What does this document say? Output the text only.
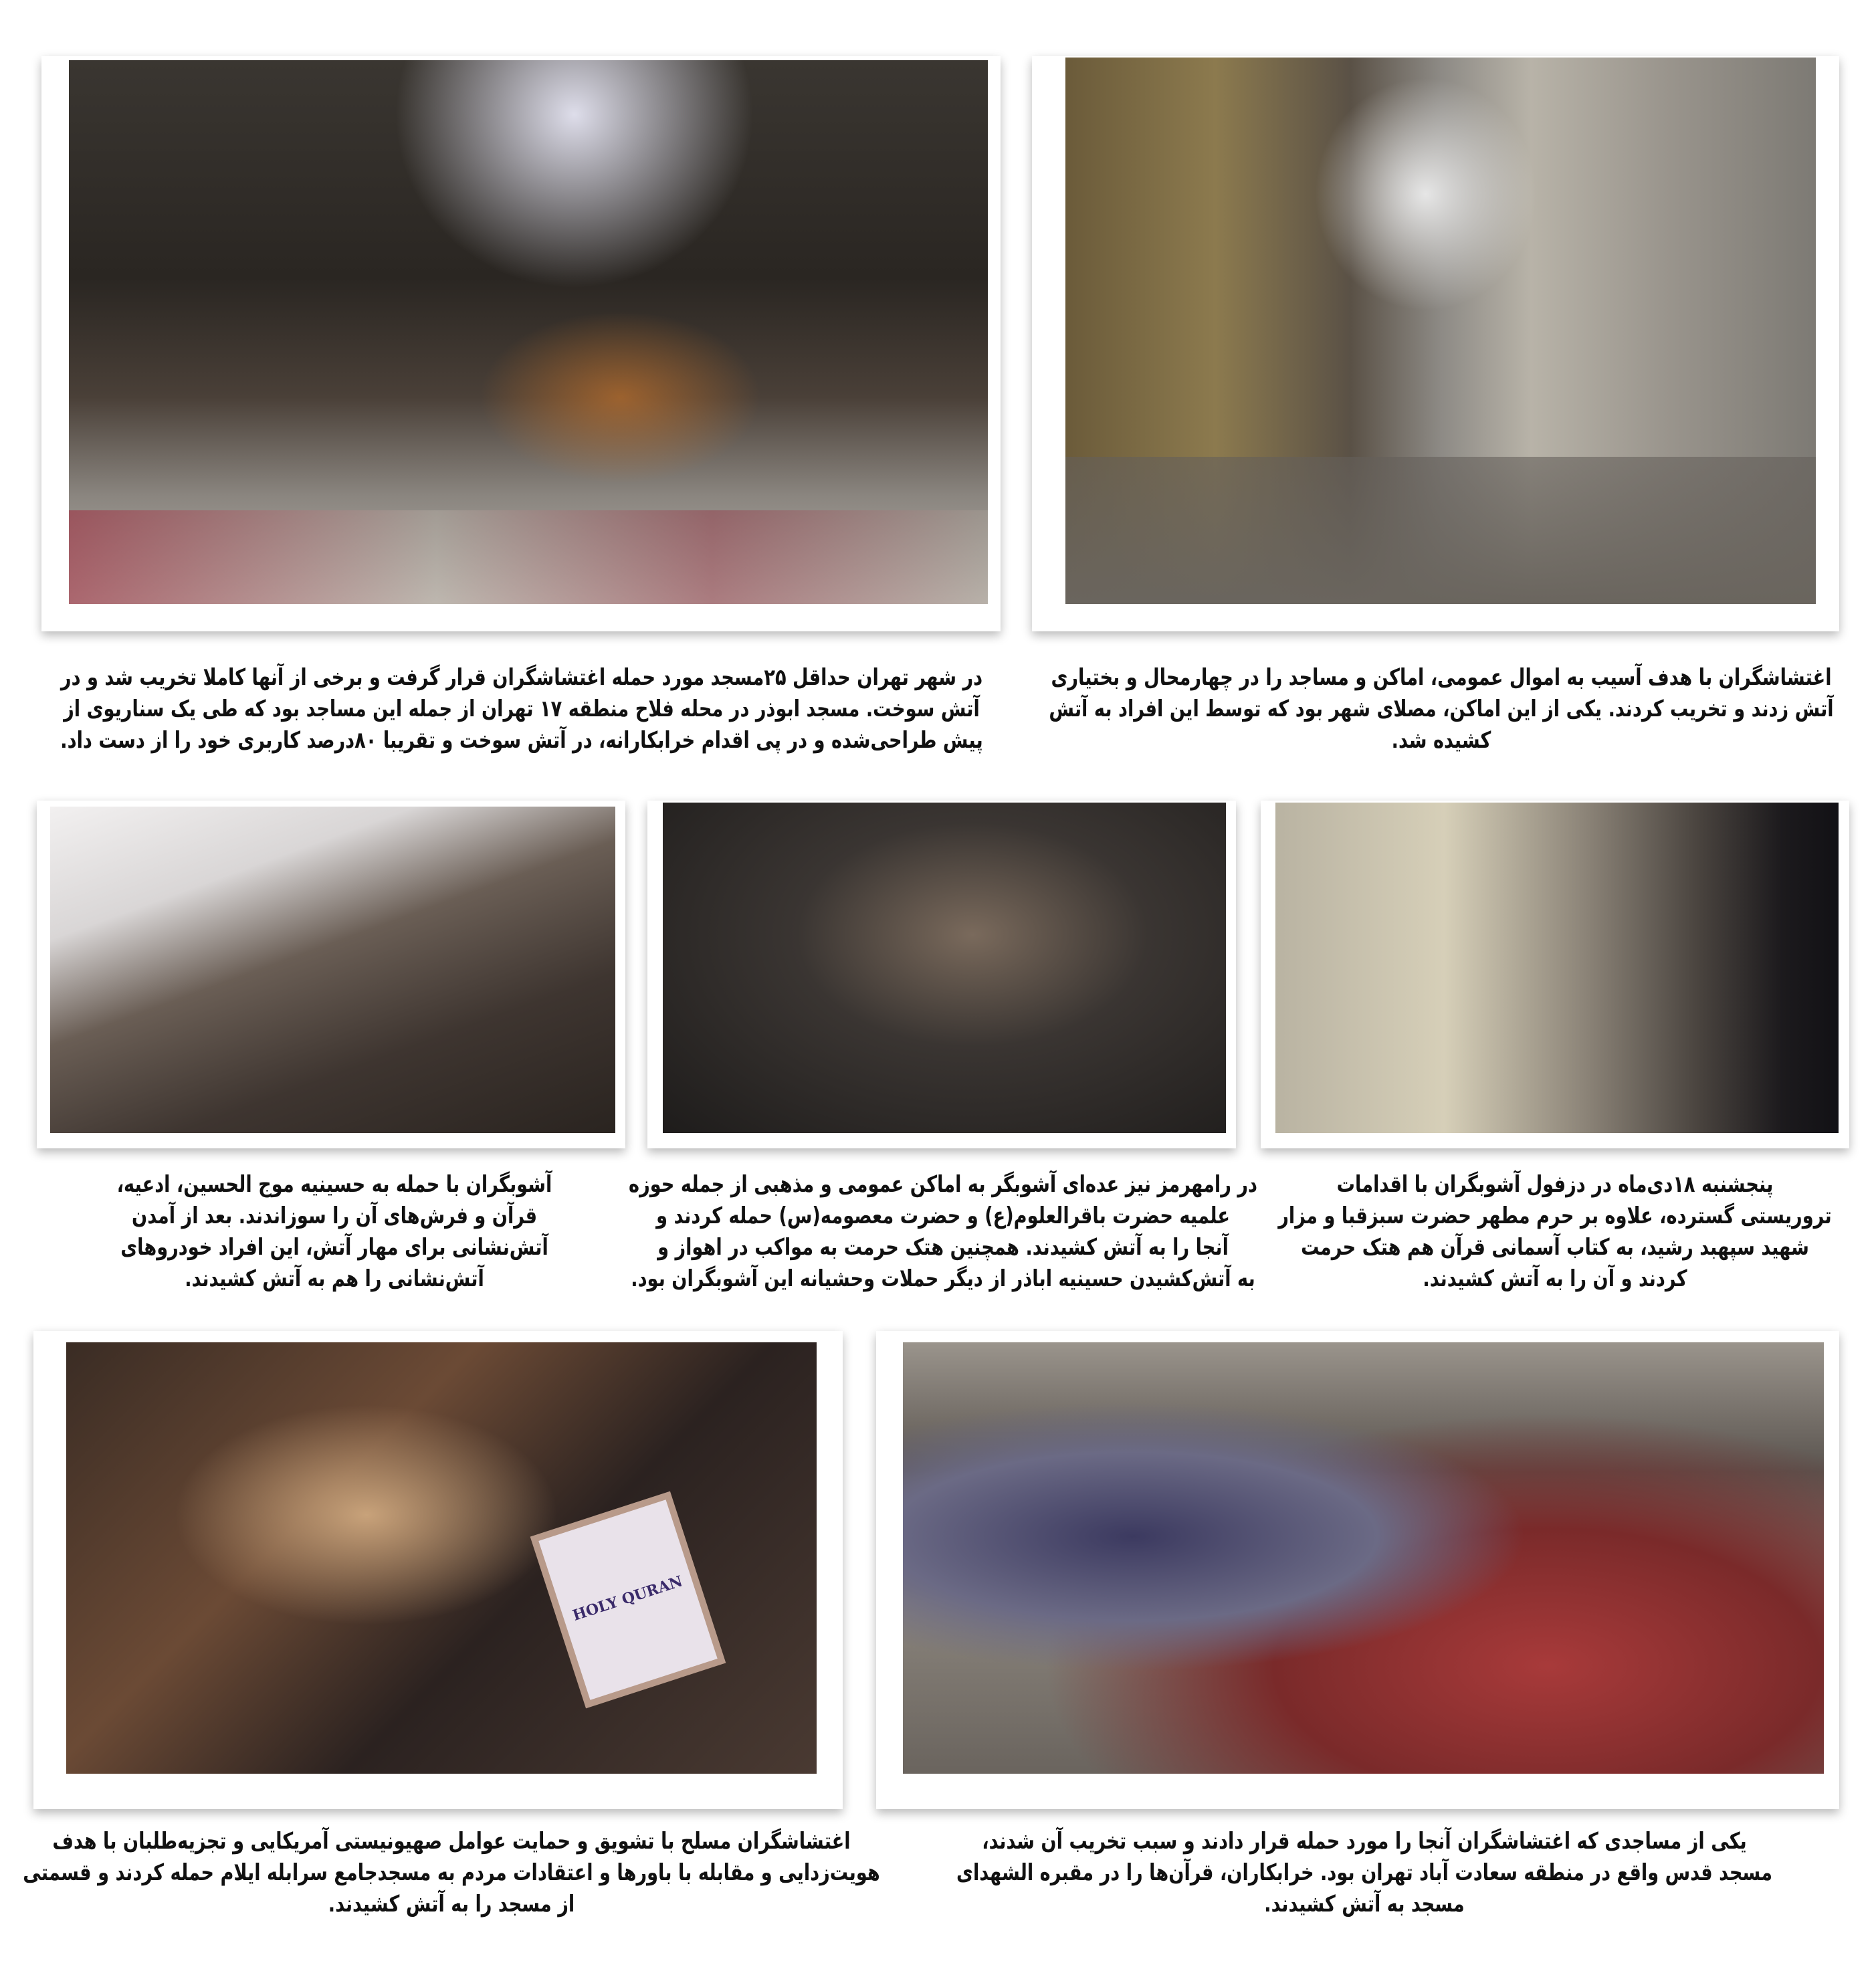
در شهر تهران حداقل ۲۵مسجد مورد حمله اغتشاشگران قرار گرفت و برخی از آنها کاملا تخریب شد و در
آتش سوخت. مسجد ابوذر در محله فلاح منطقه ۱۷ تهران از جمله این مساجد بود که طی یک سناریوی از
پیش طراحی‌شده و در پی اقدام خرابکارانه، در آتش سوخت و تقریبا ۸۰درصد کاربری خود را از دست داد.
اغتشاشگران با هدف آسیب به اموال عمومی، اماکن و مساجد را در چهارمحال و بختیاری
آتش زدند و تخریب کردند. یکی از این اماکن، مصلای شهر بود که توسط این افراد به آتش
کشیده شد.
آشوبگران با حمله به حسینیه موج الحسین، ادعیه،
قرآن و فرش‌های آن را سوزاندند. بعد از آمدن
آتش‌نشانی برای مهار آتش، این افراد خودروهای
آتش‌نشانی را هم به آتش کشیدند.
در رامهرمز نیز عده‌ای آشوبگر به اماکن عمومی و مذهبی از جمله حوزه
علمیه حضرت باقرالعلوم(ع) و حضرت معصومه(س) حمله کردند و
آنجا را به آتش کشیدند. همچنین هتک حرمت به مواکب در اهواز و
به آتش‌کشیدن حسینیه اباذر از دیگر حملات وحشیانه این آشوبگران بود.
پنجشنبه ۱۸دی‌ماه در دزفول آشوبگران با اقدامات
تروریستی گسترده، علاوه بر حرم مطهر حضرت سبزقبا و مزار
شهید سپهبد رشید، به کتاب آسمانی قرآن هم هتک حرمت
کردند و آن را به آتش کشیدند.
HOLY QURAN
اغتشاشگران مسلح با تشویق و حمایت عوامل صهیونیستی آمریکایی و تجزیه‌طلبان با هدف
هویت‌زدایی و مقابله با باورها و اعتقادات مردم به مسجدجامع سرابله ایلام حمله کردند و قسمتی
از مسجد را به آتش کشیدند.
یکی از مساجدی که اغتشاشگران آنجا را مورد حمله قرار دادند و سبب تخریب آن شدند،
مسجد قدس واقع در منطقه سعادت آباد تهران بود. خرابکاران، قرآن‌ها را در مقبره الشهدای
مسجد به آتش کشیدند.
